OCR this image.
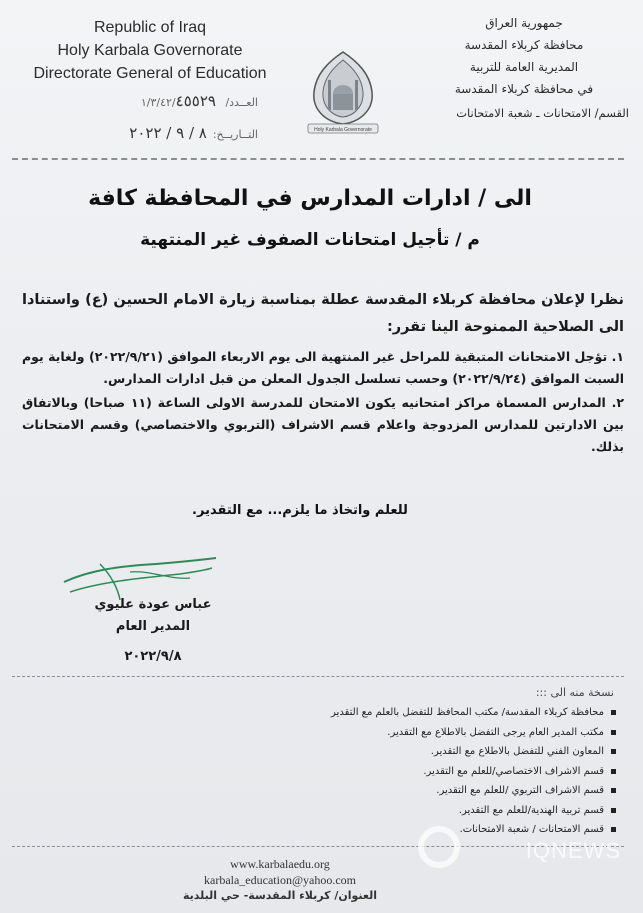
Republic of Iraq
Holy Karbala Governorate
Directorate General of Education
جمهورية العراق
محافظة كربلاء المقدسة
المديرية العامة للتربية
في محافظة كربلاء المقدسة
القسم/ الامتحانات ـ شعبة الامتحانات
Holy Karbala Governorate
العــدد/ ١/٣/٤٢/٤٥٥٢٩
التــاريــخ:٨ / ٩ / ٢٠٢٢
الى / ادارات المدارس في المحافظة كافة
م / تأجيل امتحانات الصفوف غير المنتهية

نظرا لإعلان محافظة كربلاء المقدسة عطلة بمناسبة زيارة الامام الحسين (ع) واستنادا الى الصلاحية الممنوحة الينا تقرر:

١. تؤجل الامتحانات المتبقية للمراحل غير المنتهية الى يوم الاربعاء الموافق (٢٠٢٢/٩/٢١) ولغاية يوم السبت الموافق (٢٠٢٢/٩/٢٤) وحسب تسلسل الجدول المعلن من قبل ادارات المدارس.

٢. المدارس المسماة مراكز امتحانيه يكون الامتحان للمدرسة الاولى الساعة (١١ صباحا) وبالاتفاق بين الادارتين للمدارس المزدوجة واعلام قسم الاشراف (التربوي والاختصاصي) وقسم الامتحانات بذلك.

للعلم واتخاذ ما يلزم... مع التقدير.
عباس عودة عليوي
المدير العام
٢٠٢٢/٩/٨
نسخة منه الى :::
محافظة كربلاء المقدسة/ مكتب المحافظ للتفضل بالعلم مع التقدير
مكتب المدير العام يرجى التفضل بالاطلاع مع التقدير.
المعاون الفني للتفضل بالاطلاع مع التقدير.
قسم الاشراف الاختصاصي/للعلم مع التقدير.
قسم الاشراف التربوي /للعلم مع التقدير.
قسم تربية الهندية/للعلم مع التقدير.
قسم الامتحانات / شعبة الامتحانات.
www.karbalaedu.org
karbala_education@yahoo.com
العنوان/ كربلاء المقدسة- حي البلدية
IQNEWS
